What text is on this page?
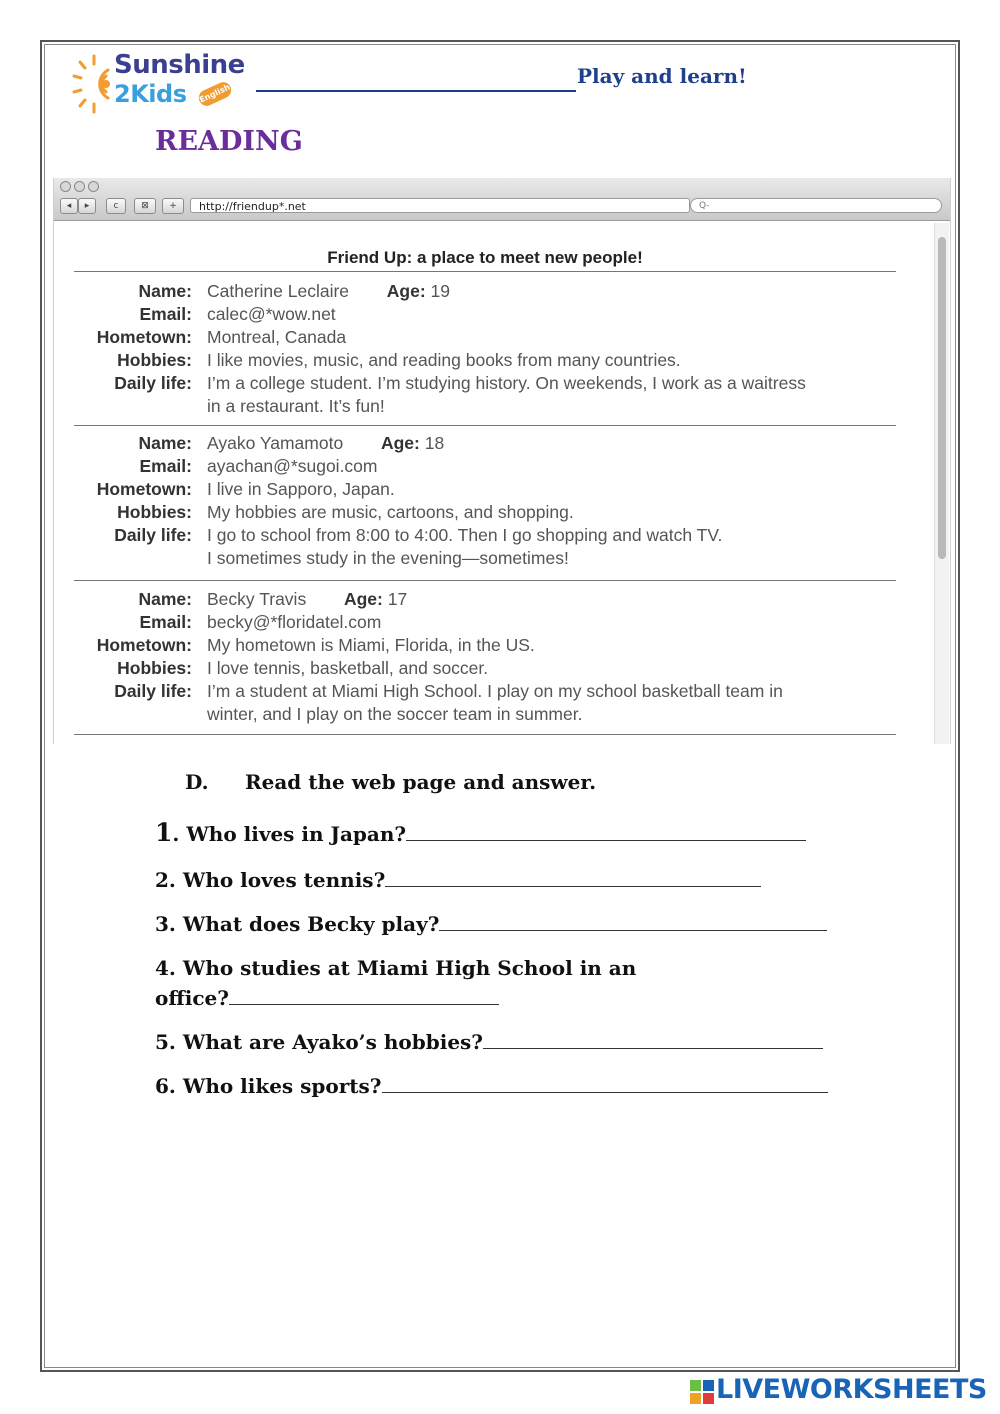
Sunshine
2Kids English
Play and learn!
READING
◂	▸	c	⊠	+	http://friendup*.net	Q-
Friend Up: a place to meet new people!
Name: Catherine Leclaire Age: 19
Email: calec@*wow.net
Hometown: Montreal, Canada
Hobbies: I like movies, music, and reading books from many countries.
Daily life: I’m a college student. I’m studying history. On weekends, I work as a waitress
in a restaurant. It’s fun!
Name: Ayako Yamamoto Age: 18
Email: ayachan@*sugoi.com
Hometown: I live in Sapporo, Japan.
Hobbies: My hobbies are music, cartoons, and shopping.
Daily life: I go to school from 8:00 to 4:00. Then I go shopping and watch TV.
I sometimes study in the evening—sometimes!
Name: Becky Travis Age: 17
Email: becky@*floridatel.com
Hometown: My hometown is Miami, Florida, in the US.
Hobbies: I love tennis, basketball, and soccer.
Daily life: I’m a student at Miami High School. I play on my school basketball team in
winter, and I play on the soccer team in summer.
D. Read the web page and answer.
1. Who lives in Japan?
2. Who loves tennis?
3. What does Becky play?
4. Who studies at Miami High School in an
office?
5. What are Ayako’s hobbies?
6. Who likes sports?
LIVEWORKSHEETS
